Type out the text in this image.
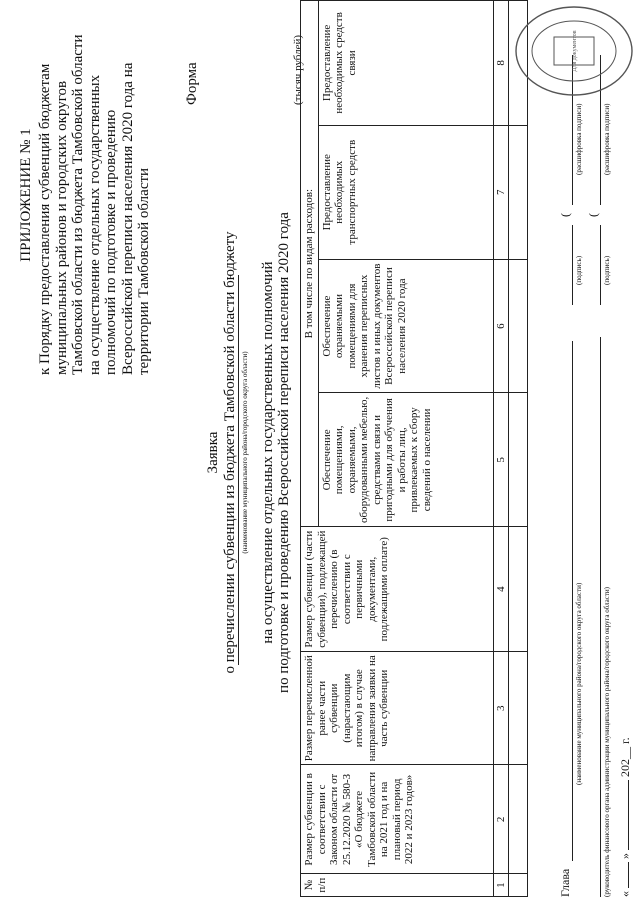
ПРИЛОЖЕНИЕ № 1 к Порядку предоставления субвенций бюджетам муниципальных районов и городских округов Тамбовской области из бюджета Тамбовской области на осуществление отдельных государственных полномочий по подготовке и проведению Всероссийской переписи населения 2020 года на территории Тамбовской области
Форма
Заявка о перечислении субвенции из бюджета Тамбовской области бюджету (наименование муниципального района/городского округа области) на осуществление отдельных государственных полномочий по подготовке и проведению Всероссийской переписи населения 2020 года
(тысяч рублей)
№ п/п	Размер субвенции в соответствии с Законом области от 25.12.2020 № 580-З «О бюджете Тамбовской области на 2021 год и на плановый период 2022 и 2023 годов»	Размер перечисленной ранее части субвенции (нарастающим итогом) в случае направления заявки на часть субвенции	Размер субвенции (части субвенции), подлежащей перечислению (в соответствии с первичными документами, подлежащими оплате)	В том числе по видам расходов:			
				Обеспечение помещениями, охраняемыми, оборудованными мебелью, средствами связи и пригодными для обучения и работы лиц, привлекаемых к сбору сведений о населении	Обеспечение охраняемыми помещениями для хранения переписных листов и иных документов Всероссийской переписи населения 2020 года	Предоставление необходимых транспортных средств	Предоставление необходимых средств связи
1	2	3	4	5	6	7	8

Глава
(
(наименование муниципального района/городского округа области)
(подпись)
(расшифровка подписи)
(
(руководитель финансового органа администрации муниципального района/городского округа области)
(подпись)
(расшифровка подписи)
«  »  202__ г.
Для документов
